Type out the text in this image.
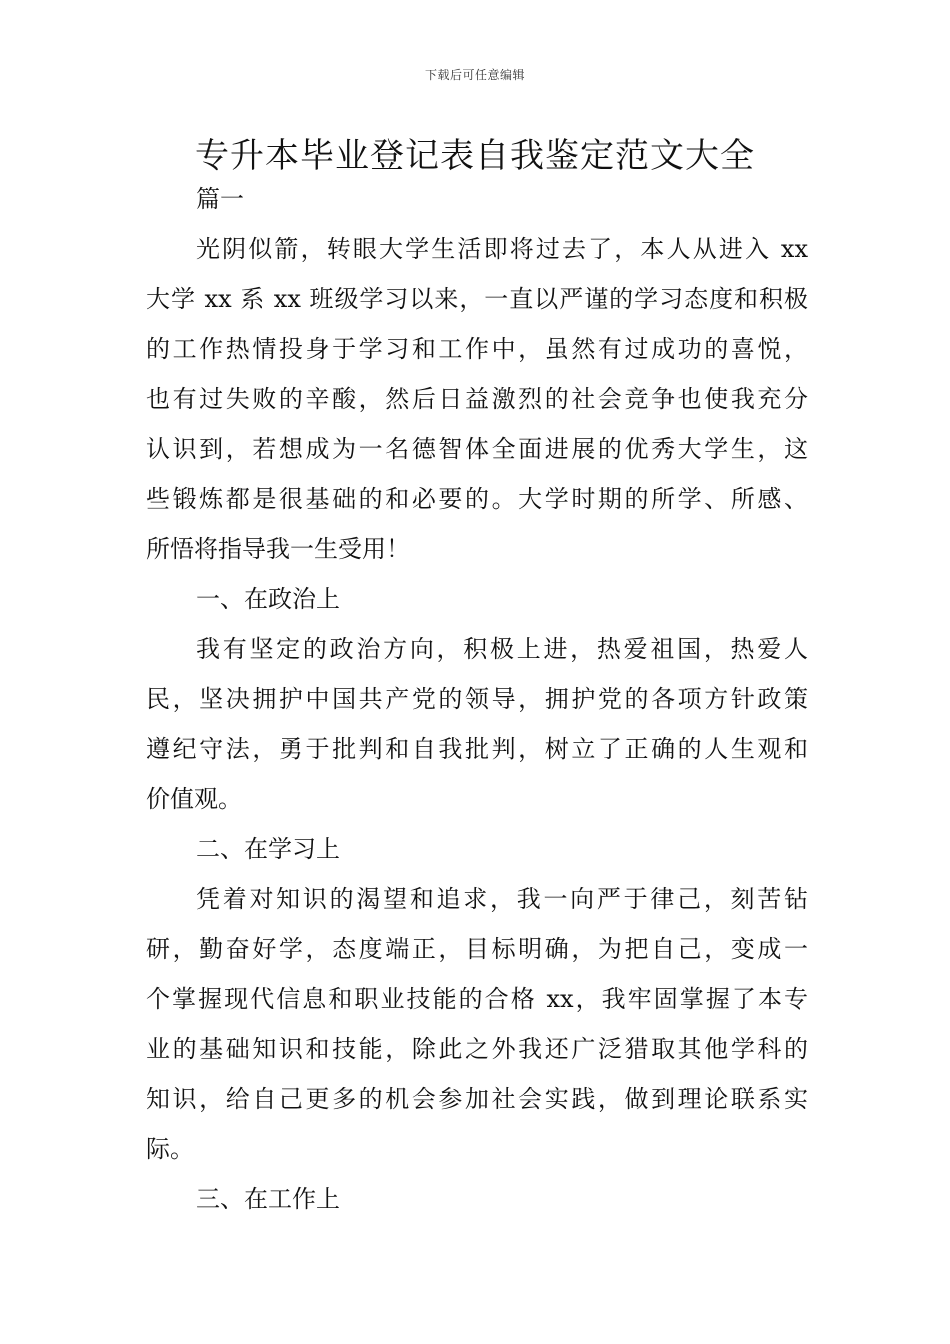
下载后可任意编辑
专升本毕业登记表自我鉴定范文大全
篇一
光阴似箭，转眼大学生活即将过去了，本人从进入 xx
大学 xx 系 xx 班级学习以来，一直以严谨的学习态度和积极
的工作热情投身于学习和工作中，虽然有过成功的喜悦，
也有过失败的辛酸，然后日益激烈的社会竞争也使我充分
认识到，若想成为一名德智体全面进展的优秀大学生，这
些锻炼都是很基础的和必要的。大学时期的所学、所感、
所悟将指导我一生受用！
一、在政治上
我有坚定的政治方向，积极上进，热爱祖国，热爱人
民，坚决拥护中国共产党的领导，拥护党的各项方针政策
遵纪守法，勇于批判和自我批判，树立了正确的人生观和
价值观。
二、在学习上
凭着对知识的渴望和追求，我一向严于律己，刻苦钻
研，勤奋好学，态度端正，目标明确，为把自己，变成一
个掌握现代信息和职业技能的合格 xx，我牢固掌握了本专
业的基础知识和技能，除此之外我还广泛猎取其他学科的
知识，给自己更多的机会参加社会实践，做到理论联系实
际。
三、在工作上
